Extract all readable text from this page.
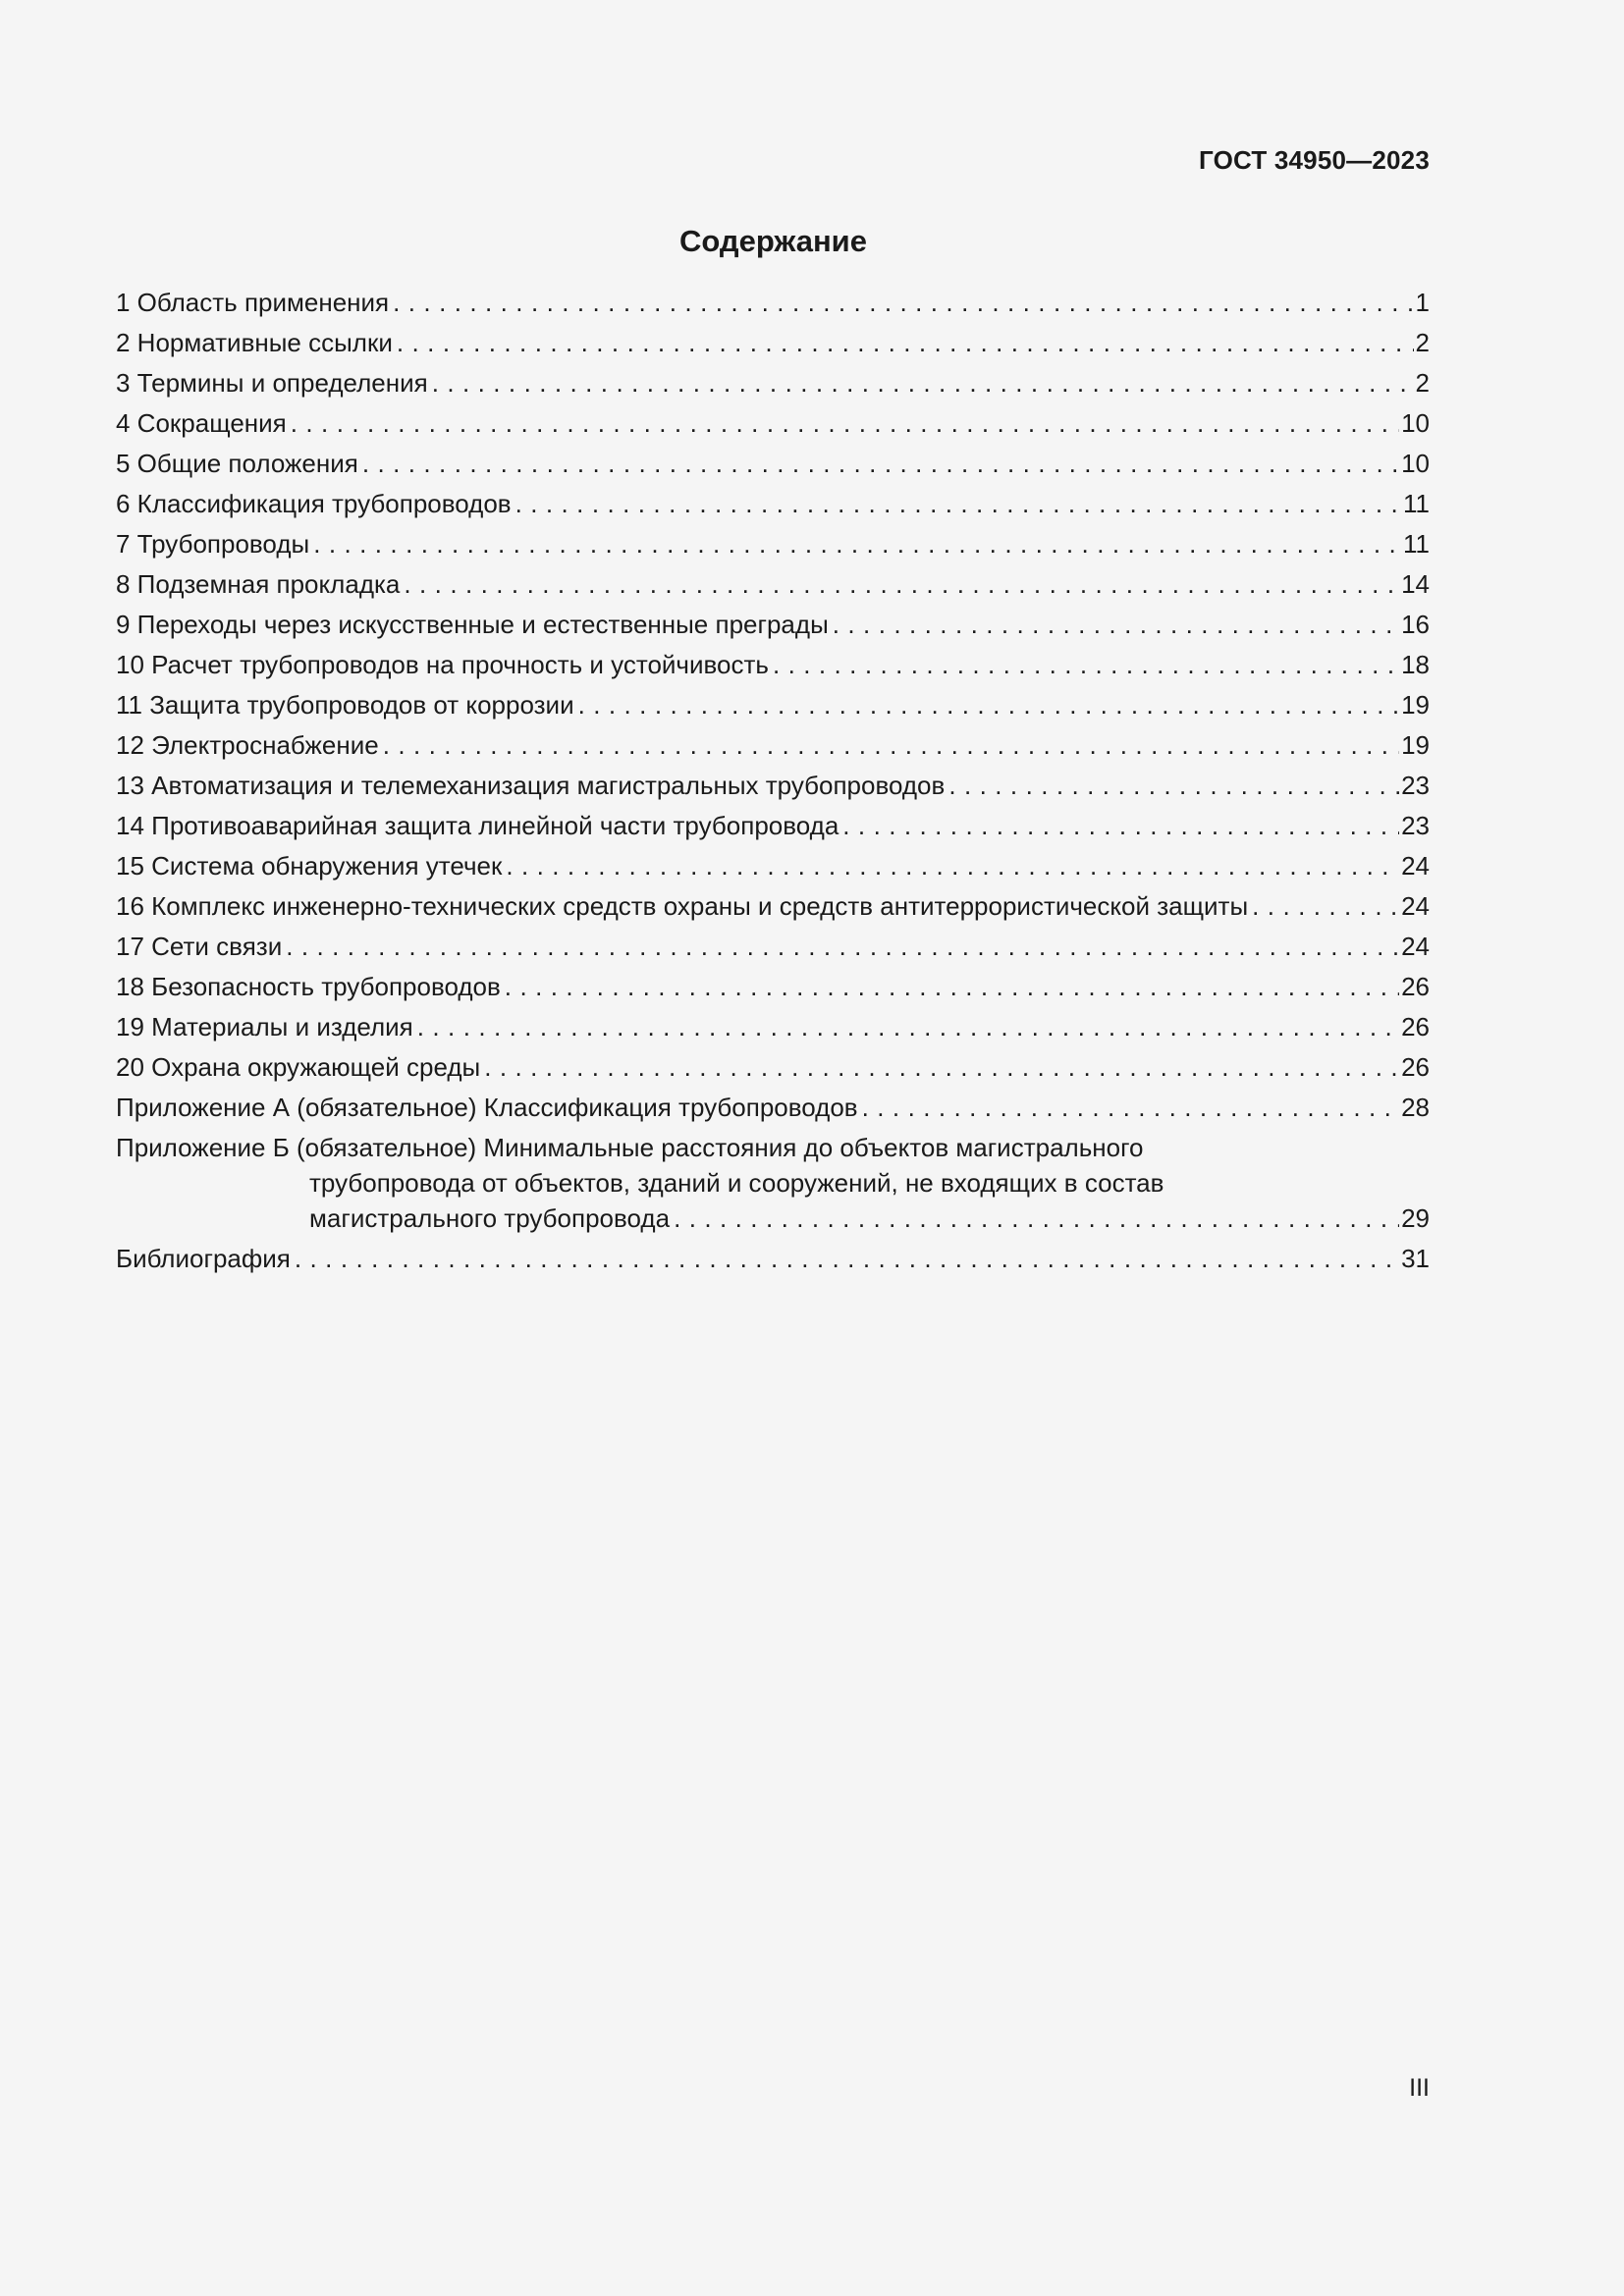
ГОСТ 34950—2023
Содержание
1 Область применения . . .	1
2 Нормативные ссылки . . .	2
3 Термины и определения . . .	2
4 Сокращения . . .	10
5 Общие положения . . .	10
6 Классификация трубопроводов . . .	11
7 Трубопроводы . . .	11
8 Подземная прокладка . . .	14
9 Переходы через искусственные и естественные преграды . . .	16
10 Расчет трубопроводов на прочность и устойчивость . . .	18
11 Защита трубопроводов от коррозии . . .	19
12 Электроснабжение . . .	19
13 Автоматизация и телемеханизация магистральных трубопроводов . . .	23
14 Противоаварийная защита линейной части трубопровода . . .	23
15 Система обнаружения утечек . . .	24
16 Комплекс инженерно-технических средств охраны и средств антитеррористической защиты . . .	24
17 Сети связи . . .	24
18 Безопасность трубопроводов . . .	26
19 Материалы и изделия . . .	26
20 Охрана окружающей среды . . .	26
Приложение А (обязательное) Классификация трубопроводов . . .	28
Приложение Б (обязательное) Минимальные расстояния до объектов магистрального
трубопровода от объектов, зданий и сооружений, не входящих в состав
магистрального трубопровода . . .	29
Библиография . . .	31
III
